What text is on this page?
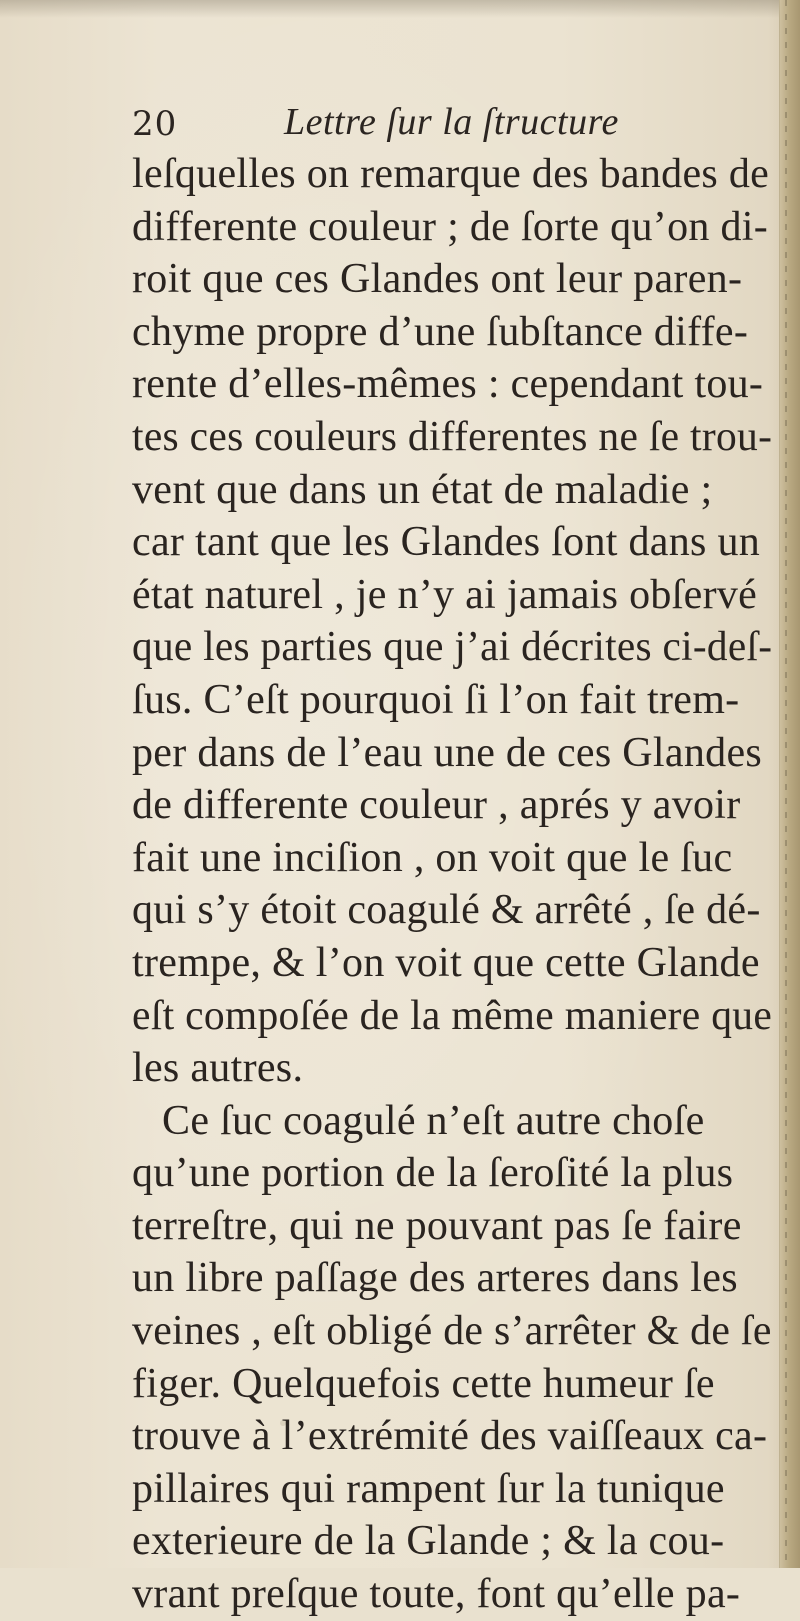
20	Lettre ſur la ſtructure
leſquelles on remarque des bandes de
differente couleur ; de ſorte qu’on di-
roit que ces Glandes ont leur paren-
chyme propre d’une ſubſtance diffe-
rente d’elles-mêmes : cependant tou-
tes ces couleurs differentes ne ſe trou-
vent que dans un état de maladie ;
car tant que les Glandes ſont dans un
état naturel , je n’y ai jamais obſervé
que les parties que j’ai décrites ci-deſ-
ſus. C’eſt pourquoi ſi l’on fait trem-
per dans de l’eau une de ces Glandes
de differente couleur , aprés y avoir
fait une inciſion , on voit que le ſuc
qui s’y étoit coagulé & arrêté , ſe dé-
trempe, & l’on voit que cette Glande
eſt compoſée de la même maniere que
les autres.
Ce ſuc coagulé n’eſt autre choſe
qu’une portion de la ſeroſité la plus
terreſtre, qui ne pouvant pas ſe faire
un libre paſſage des arteres dans les
veines , eſt obligé de s’arrêter & de ſe
figer. Quelquefois cette humeur ſe
trouve à l’extrémité des vaiſſeaux ca-
pillaires qui rampent ſur la tunique
exterieure de la Glande ; & la cou-
vrant preſque toute, font qu’elle pa-
